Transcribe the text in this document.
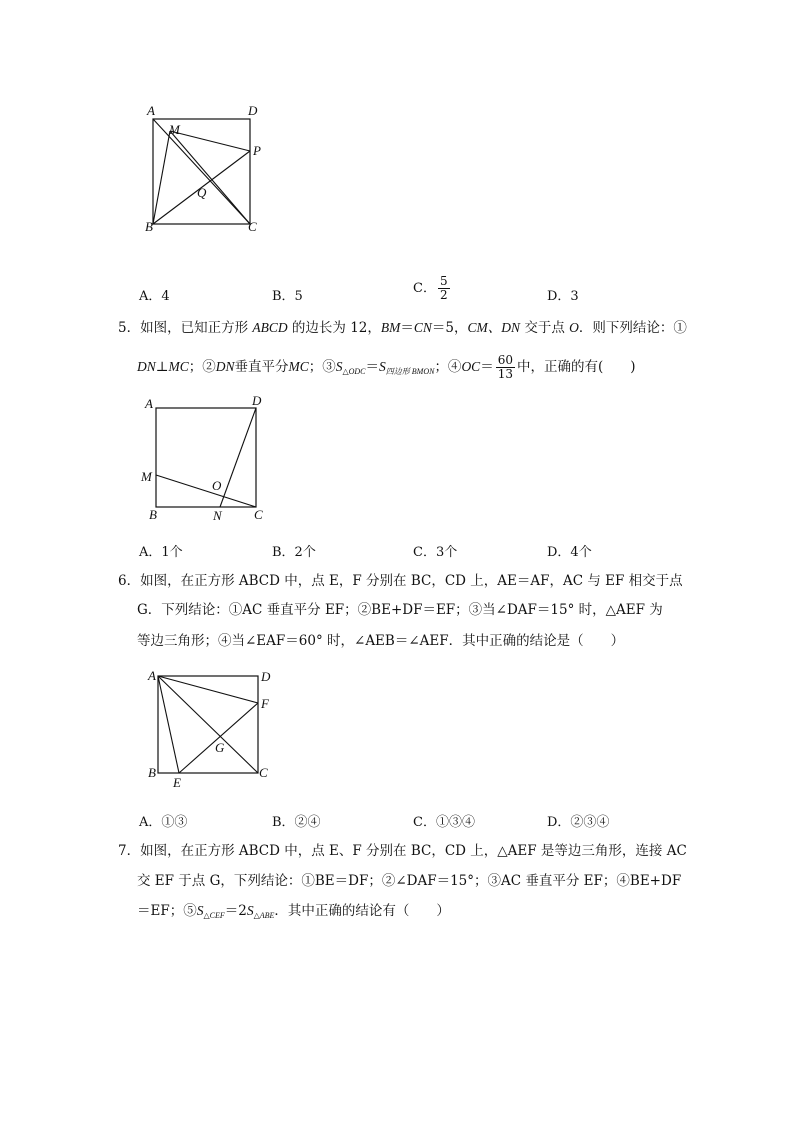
A	D
M
P
Q
B	C
A．4	B．5
C． $\frac{5}{2}$	D．3
5．如图，已知正方形 ABCD 的边长为 12，BM＝CN＝5，CM、DN 交于点 O．则下列结论：①
DN⊥MC；②DN垂直平分MC；$③S_{\triangle ODC}=S_{四边形 BMON}$；④OC＝ $\frac{60}{13}$ 中，正确的有(　　)
A	D
M
O
B	N C
A．1个	B．2个	C．3个	D．4个
6．如图，在正方形 ABCD 中，点 E，F 分别在 BC，CD 上，AE＝AF，AC 与 EF 相交于点
G．下列结论：①AC 垂直平分 EF；②BE+DF＝EF；③当∠DAF＝15° 时，△AEF 为
等边三角形；④当∠EAF＝60° 时，∠AEB＝∠AEF．其中正确的结论是（　　）
A	D
F
G
B
E
C
A．①③	B．②④	C．①③④	D．②③④
7．如图，在正方形 ABCD 中，点 E、F 分别在 BC，CD 上，△AEF 是等边三角形，连接 AC
交 EF 于点 G，下列结论：①BE＝DF；②∠DAF＝15°；③AC 垂直平分 EF；④BE+DF
＝EF；$⑤S_{\triangle CEF}=2S_{\triangle ABE}$．其中正确的结论有（　　）
